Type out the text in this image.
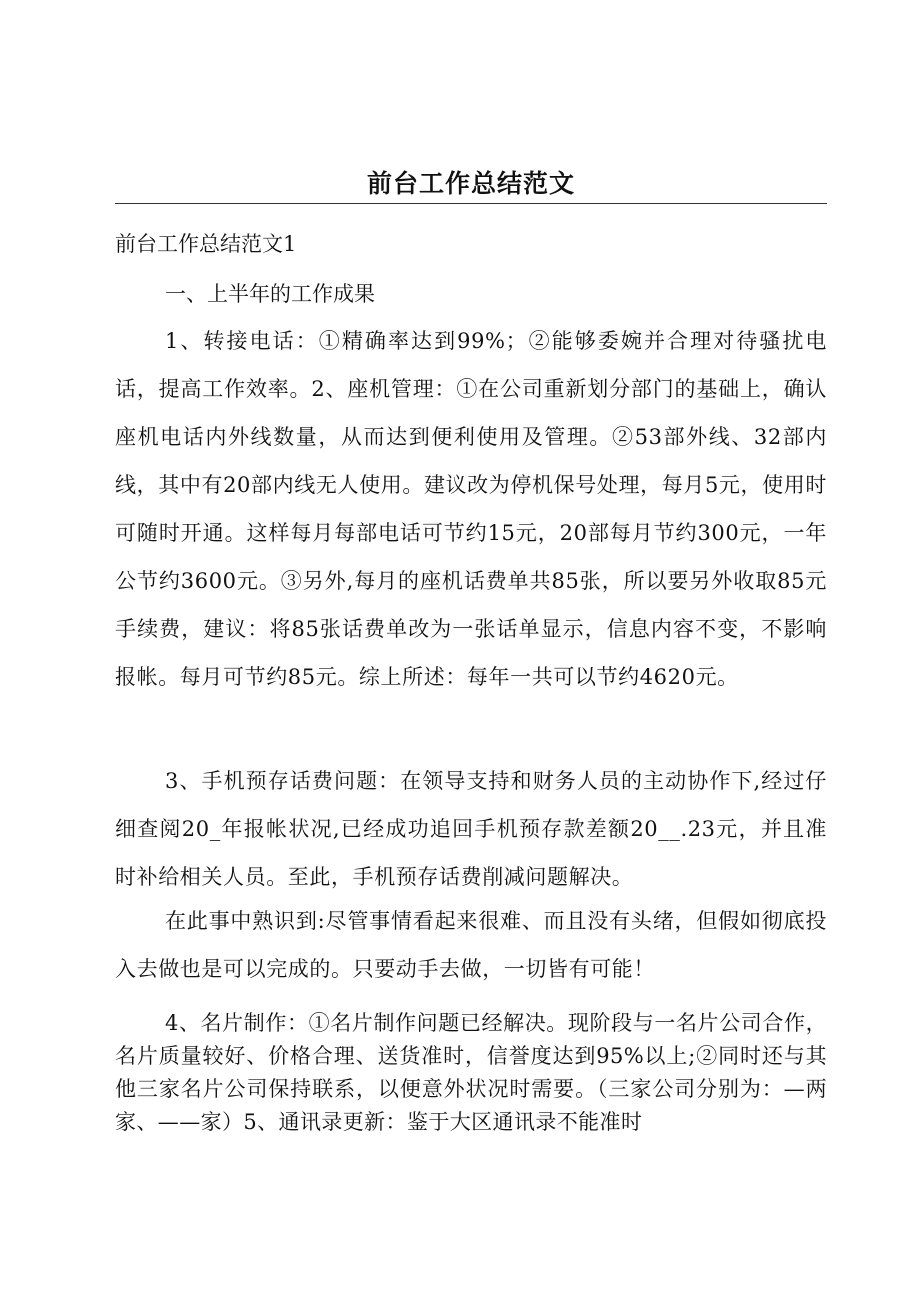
前台工作总结范文
前台工作总结范文1
一、上半年的工作成果
1、转接电话：①精确率达到99%；②能够委婉并合理对待骚扰电话，提高工作效率。2、座机管理：①在公司重新划分部门的基础上，确认座机电话内外线数量，从而达到便利使用及管理。②53部外线、32部内线，其中有20部内线无人使用。建议改为停机保号处理，每月5元，使用时可随时开通。这样每月每部电话可节约15元，20部每月节约300元，一年公节约3600元。③另外,每月的座机话费单共85张，所以要另外收取85元手续费，建议：将85张话费单改为一张话单显示，信息内容不变，不影响报帐。每月可节约85元。综上所述：每年一共可以节约4620元。
3、手机预存话费问题：在领导支持和财务人员的主动协作下,经过仔细查阅20_年报帐状况,已经成功追回手机预存款差额20__.23元，并且准时补给相关人员。至此，手机预存话费削减问题解决。
在此事中熟识到:尽管事情看起来很难、而且没有头绪，但假如彻底投入去做也是可以完成的。只要动手去做，一切皆有可能！
4、名片制作：①名片制作问题已经解决。现阶段与一名片公司合作，名片质量较好、价格合理、送货准时，信誉度达到95%以上;②同时还与其他三家名片公司保持联系，以便意外状况时需要。（三家公司分别为：—两家、——家）5、通讯录更新：鉴于大区通讯录不能准时
